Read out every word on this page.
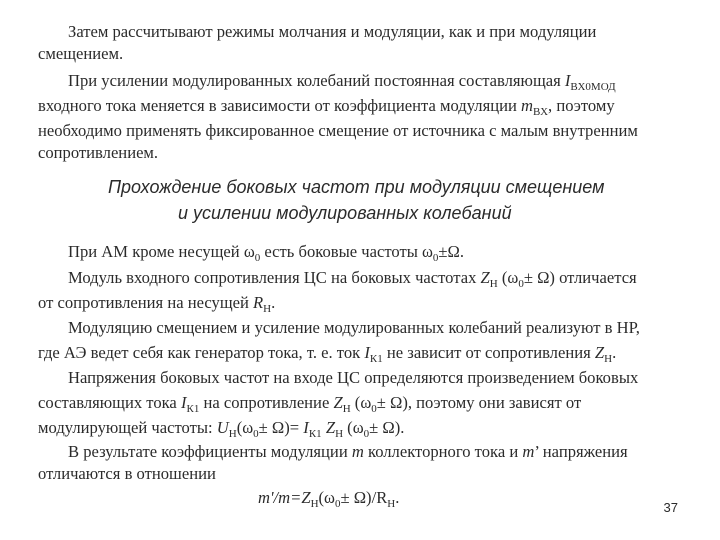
Затем рассчитывают режимы молчания и модуляции, как и при модуляции
смещением.
При усилении модулированных колебаний постоянная составляющая $I_{ВХ0МОД}$
входного тока меняется в зависимости от коэффициента модуляции $m_{ВХ}$, поэтому
необходимо применять фиксированное смещение от источника с малым внутренним
сопротивлением.
Прохождение боковых частот при модуляции смещением
и усилении модулированных колебаний
При АМ кроме несущей $\omega_0$ есть боковые частоты $\omega_0\pm\Omega$.
Модуль входного сопротивления ЦС на боковых частотах $Z_Н$ $(\omega_0\pm \Omega)$ отличается
от сопротивления на несущей $R_Н$.
Модуляцию смещением и усиление модулированных колебаний реализуют в НР,
где АЭ ведет себя как генератор тока, т. е. ток $I_{К1}$ не зависит от сопротивления $Z_Н$.
Напряжения боковых частот на входе ЦС определяются произведением боковых
составляющих тока $I_{К1}$ на сопротивление $Z_Н$ $(\omega_0\pm \Omega)$, поэтому они зависят от
модулирующей частоты: $U_Н(\omega_0\pm \Omega)= I_{К1}$ $Z_Н$ $(\omega_0\pm \Omega)$.
В результате коэффициенты модуляции m коллекторного тока и m’ напряжения
отличаются в отношении
$m'/m=Z_Н(\omega_0\pm \Omega)/R_Н$.
37
